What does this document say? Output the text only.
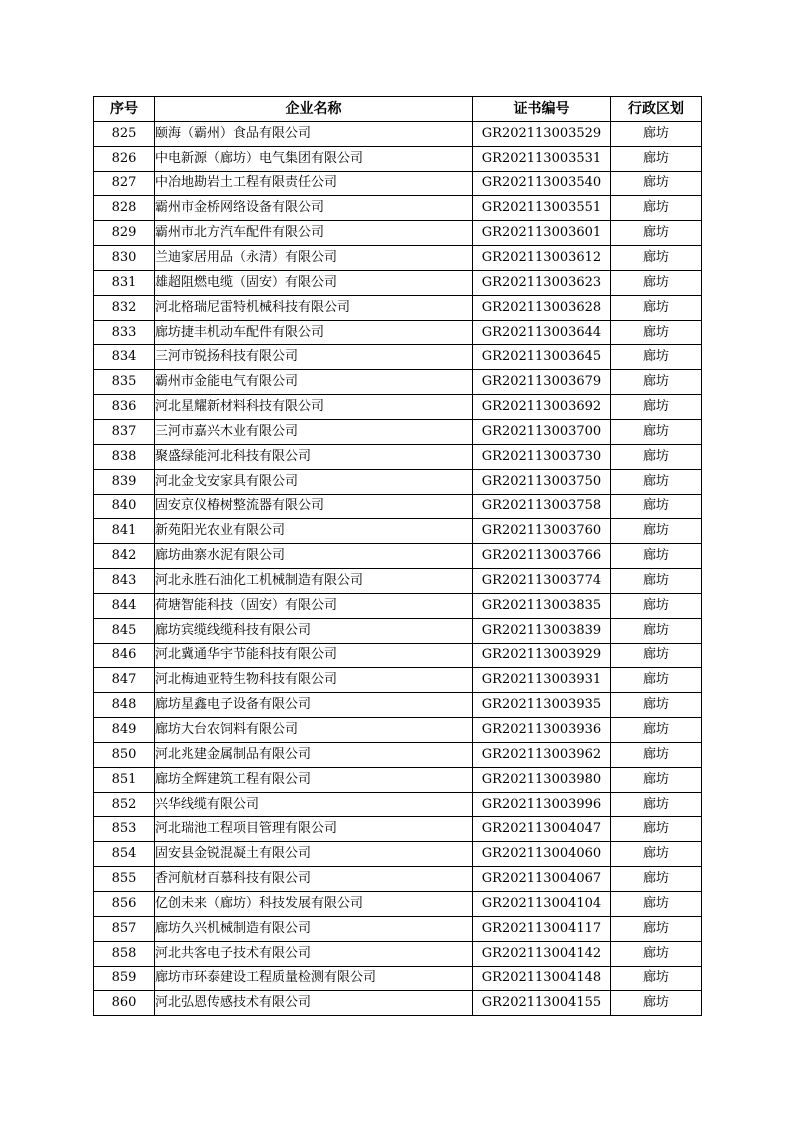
序号	企业名称	证书编号	行政区划
825	颐海（霸州）食品有限公司	GR202113003529	廊坊
826	中电新源（廊坊）电气集团有限公司	GR202113003531	廊坊
827	中冶地勘岩土工程有限责任公司	GR202113003540	廊坊
828	霸州市金桥网络设备有限公司	GR202113003551	廊坊
829	霸州市北方汽车配件有限公司	GR202113003601	廊坊
830	兰迪家居用品（永清）有限公司	GR202113003612	廊坊
831	雄超阻燃电缆（固安）有限公司	GR202113003623	廊坊
832	河北格瑞尼雷特机械科技有限公司	GR202113003628	廊坊
833	廊坊捷丰机动车配件有限公司	GR202113003644	廊坊
834	三河市锐扬科技有限公司	GR202113003645	廊坊
835	霸州市金能电气有限公司	GR202113003679	廊坊
836	河北星耀新材料科技有限公司	GR202113003692	廊坊
837	三河市嘉兴木业有限公司	GR202113003700	廊坊
838	聚盛绿能河北科技有限公司	GR202113003730	廊坊
839	河北金戈安家具有限公司	GR202113003750	廊坊
840	固安京仪椿树整流器有限公司	GR202113003758	廊坊
841	新苑阳光农业有限公司	GR202113003760	廊坊
842	廊坊曲寨水泥有限公司	GR202113003766	廊坊
843	河北永胜石油化工机械制造有限公司	GR202113003774	廊坊
844	荷塘智能科技（固安）有限公司	GR202113003835	廊坊
845	廊坊宾缆线缆科技有限公司	GR202113003839	廊坊
846	河北冀通华宇节能科技有限公司	GR202113003929	廊坊
847	河北梅迪亚特生物科技有限公司	GR202113003931	廊坊
848	廊坊星鑫电子设备有限公司	GR202113003935	廊坊
849	廊坊大台农饲料有限公司	GR202113003936	廊坊
850	河北兆建金属制品有限公司	GR202113003962	廊坊
851	廊坊全辉建筑工程有限公司	GR202113003980	廊坊
852	兴华线缆有限公司	GR202113003996	廊坊
853	河北瑞池工程项目管理有限公司	GR202113004047	廊坊
854	固安县金锐混凝土有限公司	GR202113004060	廊坊
855	香河航材百慕科技有限公司	GR202113004067	廊坊
856	亿创未来（廊坊）科技发展有限公司	GR202113004104	廊坊
857	廊坊久兴机械制造有限公司	GR202113004117	廊坊
858	河北共客电子技术有限公司	GR202113004142	廊坊
859	廊坊市环泰建设工程质量检测有限公司	GR202113004148	廊坊
860	河北弘恩传感技术有限公司	GR202113004155	廊坊
